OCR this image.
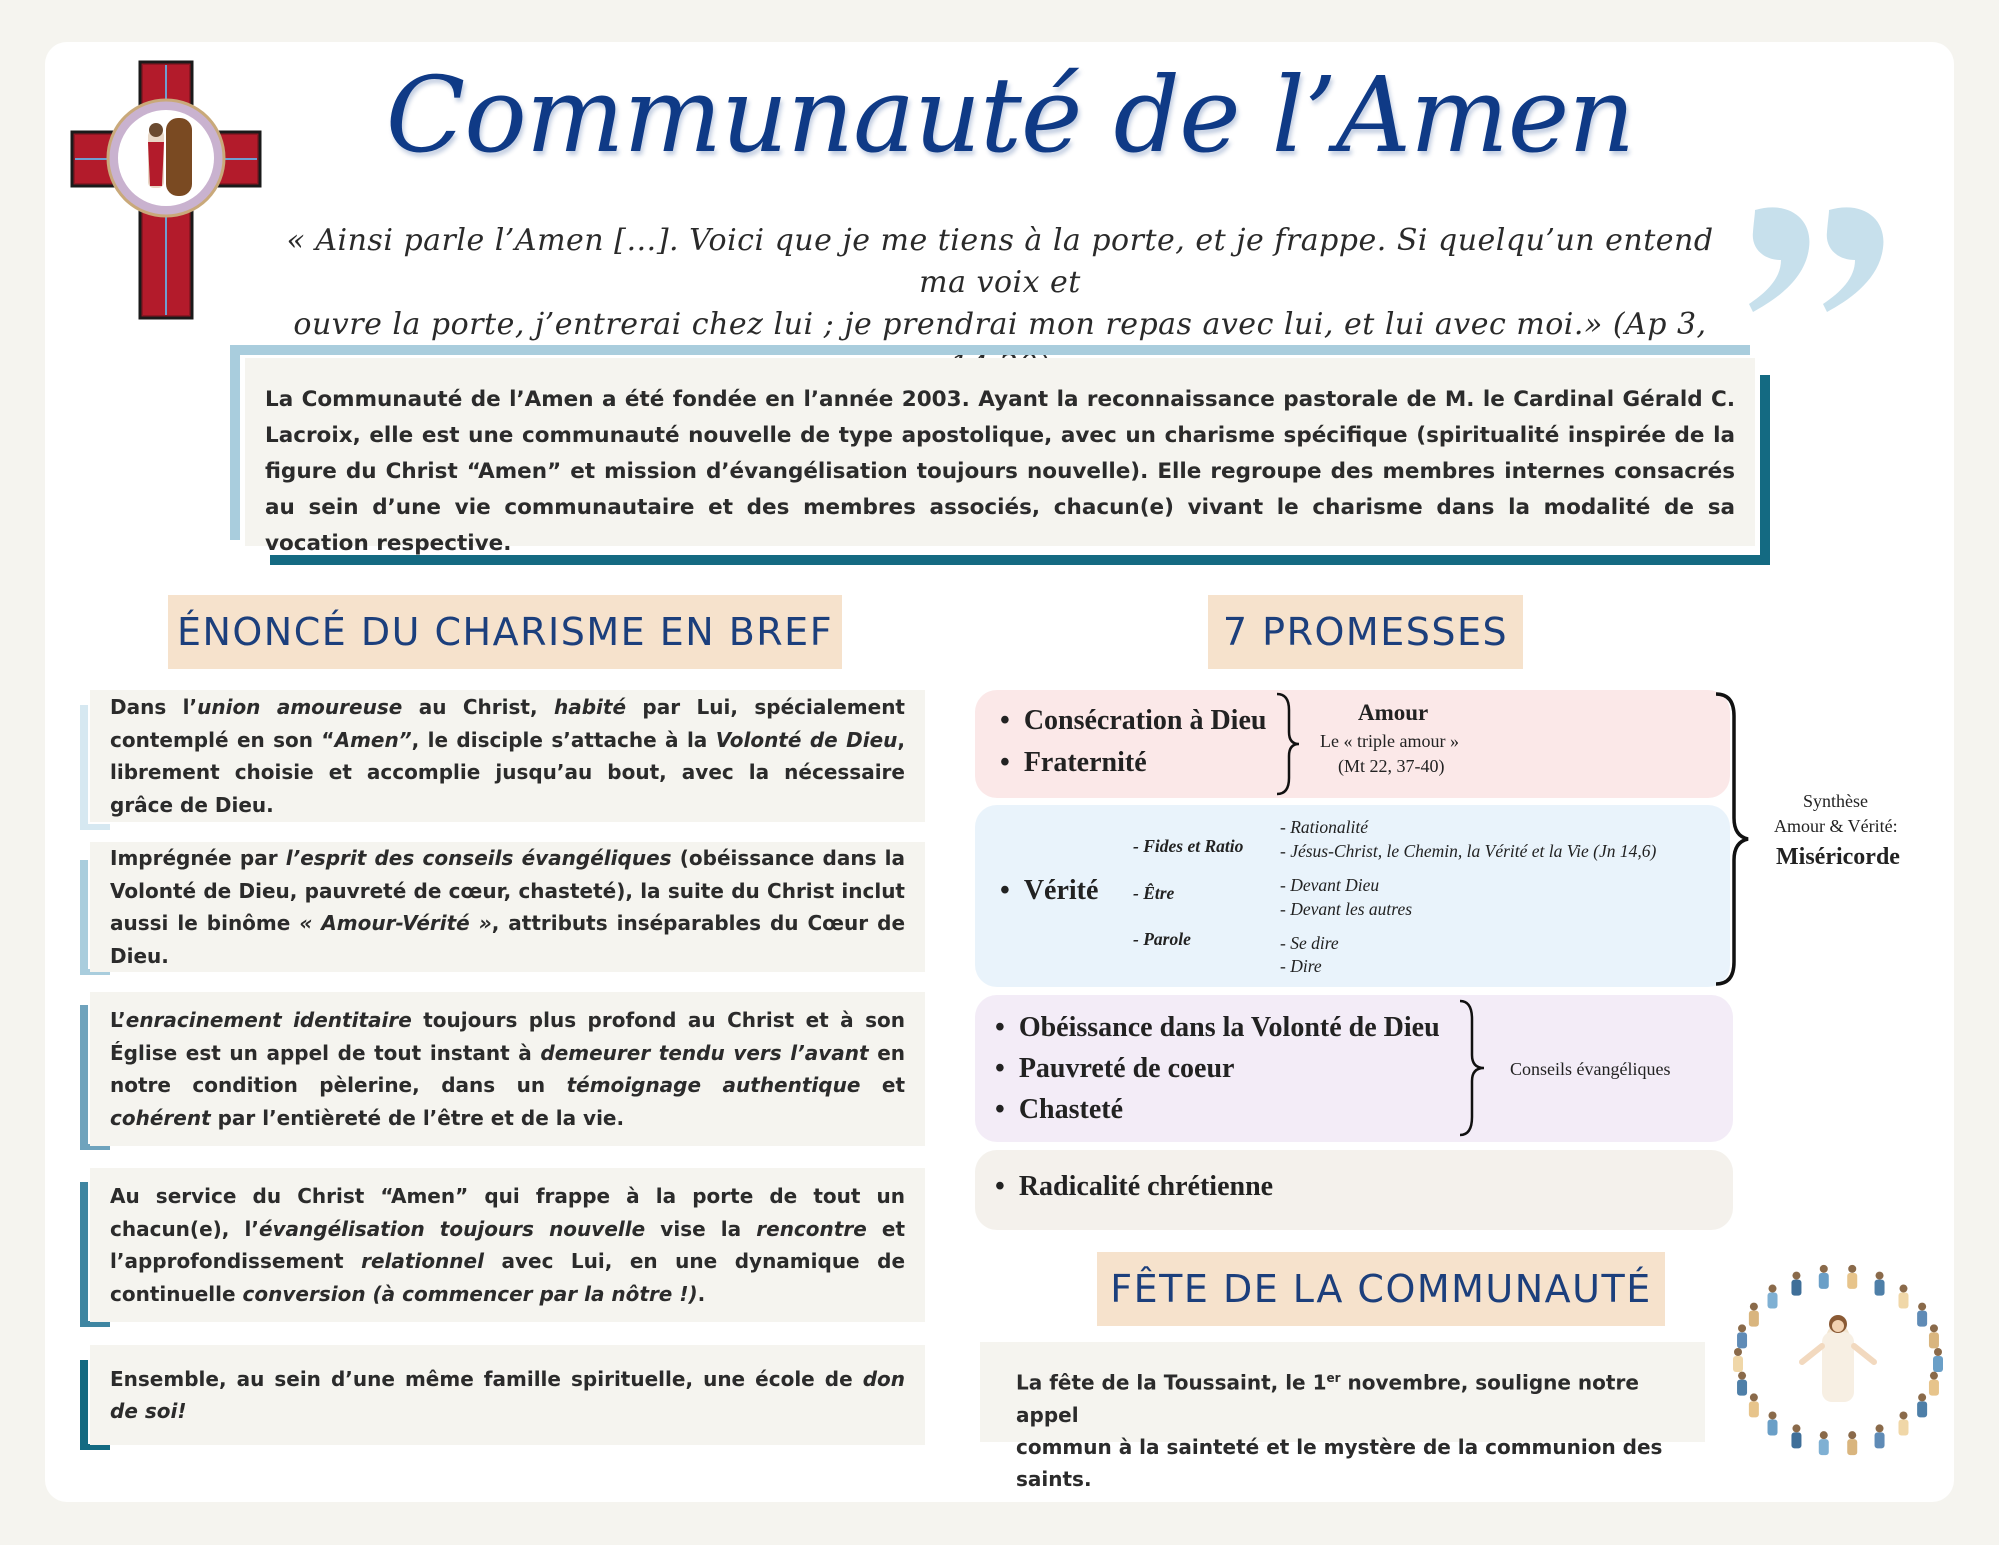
Communauté de l’Amen
« Ainsi parle l’Amen […]. Voici que je me tiens à la porte, et je frappe. Si quelqu’un entend ma voix et
ouvre la porte, j’entrerai chez lui ; je prendrai mon repas avec lui, et lui avec moi.» (Ap 3,
La Communauté de l’Amen a été fondée en l’année 2003. Ayant la reconnaissance pastorale de M. le Cardinal Gérald C. Lacroix, elle est une communauté nouvelle de type apostolique, avec un charisme spécifique (spiritualité inspirée de la figure du Christ “Amen” et mission d’évangélisation toujours nouvelle). Elle regroupe des membres internes consacrés au sein d’une vie communautaire et des membres associés, chacun(e) vivant le charisme dans la modalité de sa vocation respective.
ÉNONCÉ DU CHARISME EN BREF	7 PROMESSES
FÊTE DE LA COMMUNAUTÉ
Dans l’union amoureuse au Christ, habité par Lui, spécialement contemplé en son “Amen”, le disciple s’attache à la Volonté de Dieu, librement choisie et accomplie jusqu’au bout, avec la nécessaire grâce de Dieu.
Imprégnée par l’esprit des conseils évangéliques (obéissance dans la Volonté de Dieu, pauvreté de cœur, chasteté), la suite du Christ inclut aussi le binôme « Amour-Vérité », attributs inséparables du Cœur de Dieu.
L’enracinement identitaire toujours plus profond au Christ et à son Église est un appel de tout instant à demeurer tendu vers l’avant en notre condition pèlerine, dans un témoignage authentique et cohérent par l’entièreté de l’être et de la vie.
Au service du Christ “Amen” qui frappe à la porte de tout un chacun(e), l’évangélisation toujours nouvelle vise la rencontre et l’approfondissement relationnel avec Lui, en une dynamique de continuelle conversion (à commencer par la nôtre !).
Ensemble, au sein d’une même famille spirituelle, une école de don de soi!
• Consécration à Dieu
• Fraternité
Amour
Le « triple amour »
(Mt 22, 37-40)
• Vérité
- Fides et Ratio
- Rationalité
- Jésus-Christ, le Chemin, la Vérité et la Vie (Jn 14,6)
- Être	- Devant Dieu
- Devant les autres
- Parole	- Se dire
- Dire
Synthèse
Amour & Vérité:
Miséricorde
• Obéissance dans la Volonté de Dieu
• Pauvreté de coeur
• Chasteté
Conseils évangéliques
• Radicalité chrétienne
La fête de la Toussaint, le 1er novembre, souligne notre appel
commun à la sainteté et le mystère de la communion des saints.
